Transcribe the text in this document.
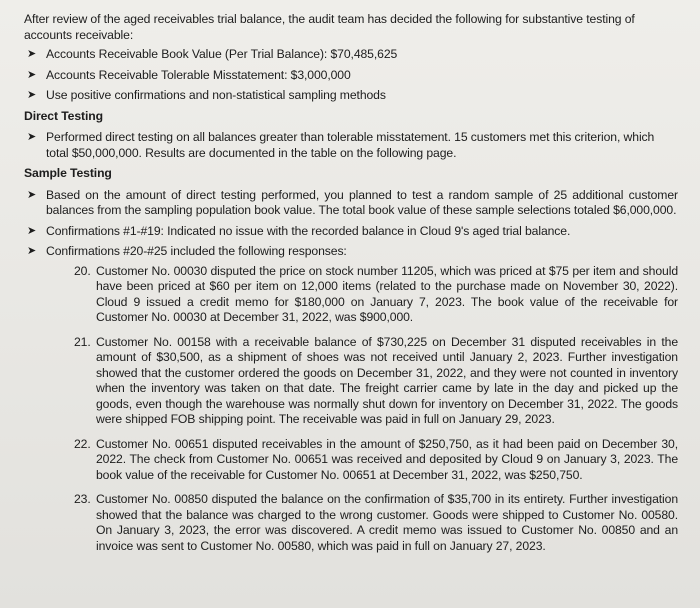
After review of the aged receivables trial balance, the audit team has decided the following for substantive testing of accounts receivable:

➤ Accounts Receivable Book Value (Per Trial Balance): $70,485,625
➤ Accounts Receivable Tolerable Misstatement: $3,000,000
➤ Use positive confirmations and non-statistical sampling methods

Direct Testing

➤ Performed direct testing on all balances greater than tolerable misstatement. 15 customers met this criterion, which total $50,000,000. Results are documented in the table on the following page.

Sample Testing

➤ Based on the amount of direct testing performed, you planned to test a random sample of 25 additional customer balances from the sampling population book value. The total book value of these sample selections totaled $6,000,000.
➤ Confirmations #1-#19: Indicated no issue with the recorded balance in Cloud 9's aged trial balance.
➤ Confirmations #20-#25 included the following responses:
20. Customer No. 00030 disputed the price on stock number 11205, which was priced at $75 per item and should have been priced at $60 per item on 12,000 items (related to the purchase made on November 30, 2022). Cloud 9 issued a credit memo for $180,000 on January 7, 2023. The book value of the receivable for Customer No. 00030 at December 31, 2022, was $900,000.
21. Customer No. 00158 with a receivable balance of $730,225 on December 31 disputed receivables in the amount of $30,500, as a shipment of shoes was not received until January 2, 2023. Further investigation showed that the customer ordered the goods on December 31, 2022, and they were not counted in inventory when the inventory was taken on that date. The freight carrier came by late in the day and picked up the goods, even though the warehouse was normally shut down for inventory on December 31, 2022. The goods were shipped FOB shipping point. The receivable was paid in full on January 29, 2023.
22. Customer No. 00651 disputed receivables in the amount of $250,750, as it had been paid on December 30, 2022. The check from Customer No. 00651 was received and deposited by Cloud 9 on January 3, 2023. The book value of the receivable for Customer No. 00651 at December 31, 2022, was $250,750.
23. Customer No. 00850 disputed the balance on the confirmation of $35,700 in its entirety. Further investigation showed that the balance was charged to the wrong customer. Goods were shipped to Customer No. 00580. On January 3, 2023, the error was discovered. A credit memo was issued to Customer No. 00850 and an invoice was sent to Customer No. 00580, which was paid in full on January 27, 2023.
